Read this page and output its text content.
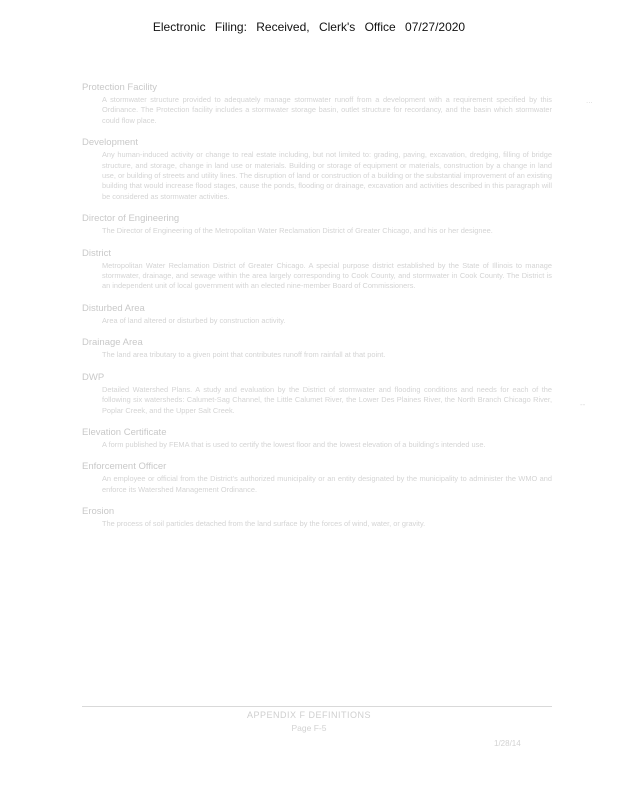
Electronic Filing: Received, Clerk's Office 07/27/2020
Protection Facility
A stormwater structure provided to adequately manage stormwater runoff from a development with a requirement specified by this Ordinance. The Protection facility includes a stormwater storage basin, outlet structure for recordancy, and the basin which stormwater could flow place.
Development
Any human-induced activity or change to real estate including, but not limited to: grading, paving, excavation, dredging, filling of bridge structure, and storage, change in land use or materials. Building or storage of equipment or materials, construction by a change in land use, or building of streets and utility lines. The disruption of land or construction of a building or the substantial improvement of an existing building that would increase flood stages, cause the ponds, flooding or drainage, excavation and activities described in this paragraph will be considered as stormwater activities.
Director of Engineering
The Director of Engineering of the Metropolitan Water Reclamation District of Greater Chicago, and his or her designee.
District
Metropolitan Water Reclamation District of Greater Chicago. A special purpose district established by the State of Illinois to manage stormwater, drainage, and sewage within the area largely corresponding to Cook County, and stormwater in Cook County. The District is an independent unit of local government with an elected nine-member Board of Commissioners.
Disturbed Area
Area of land altered or disturbed by construction activity.
Drainage Area
The land area tributary to a given point that contributes runoff from rainfall at that point.
DWP
Detailed Watershed Plans. A study and evaluation by the District of stormwater and flooding conditions and needs for each of the following six watersheds: Calumet-Sag Channel, the Little Calumet River, the Lower Des Plaines River, the North Branch Chicago River, Poplar Creek, and the Upper Salt Creek.
Elevation Certificate
A form published by FEMA that is used to certify the lowest floor and the lowest elevation of a building's intended use.
Enforcement Officer
An employee or official from the District's authorized municipality or an entity designated by the municipality to administer the WMO and enforce its Watershed Management Ordinance.
Erosion
The process of soil particles detached from the land surface by the forces of wind, water, or gravity.
...
--
APPENDIX F DEFINITIONS
Page F-5
1/28/14
